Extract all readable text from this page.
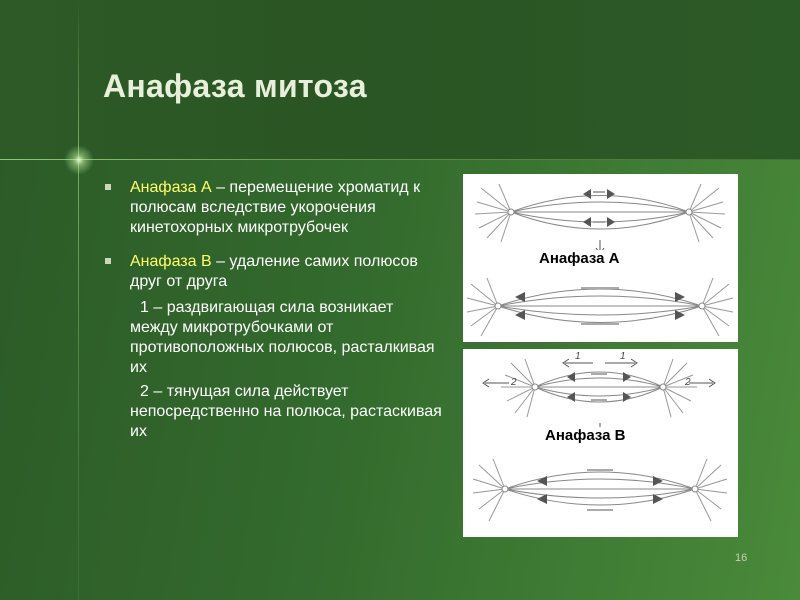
Анафаза митоза
Анафаза А – перемещение хроматид к полюсам вследствие укорочения кинетохорных микротрубочек
Анафаза В – удаление самих полюсов друг от друга
1 – раздвигающая сила возникает между микротрубочками от противоположных полюсов, расталкивая их
2 – тянущая сила действует непосредственно на полюса, растаскивая их
Анафаза А
Анафаза В
1	1
2	2
16
